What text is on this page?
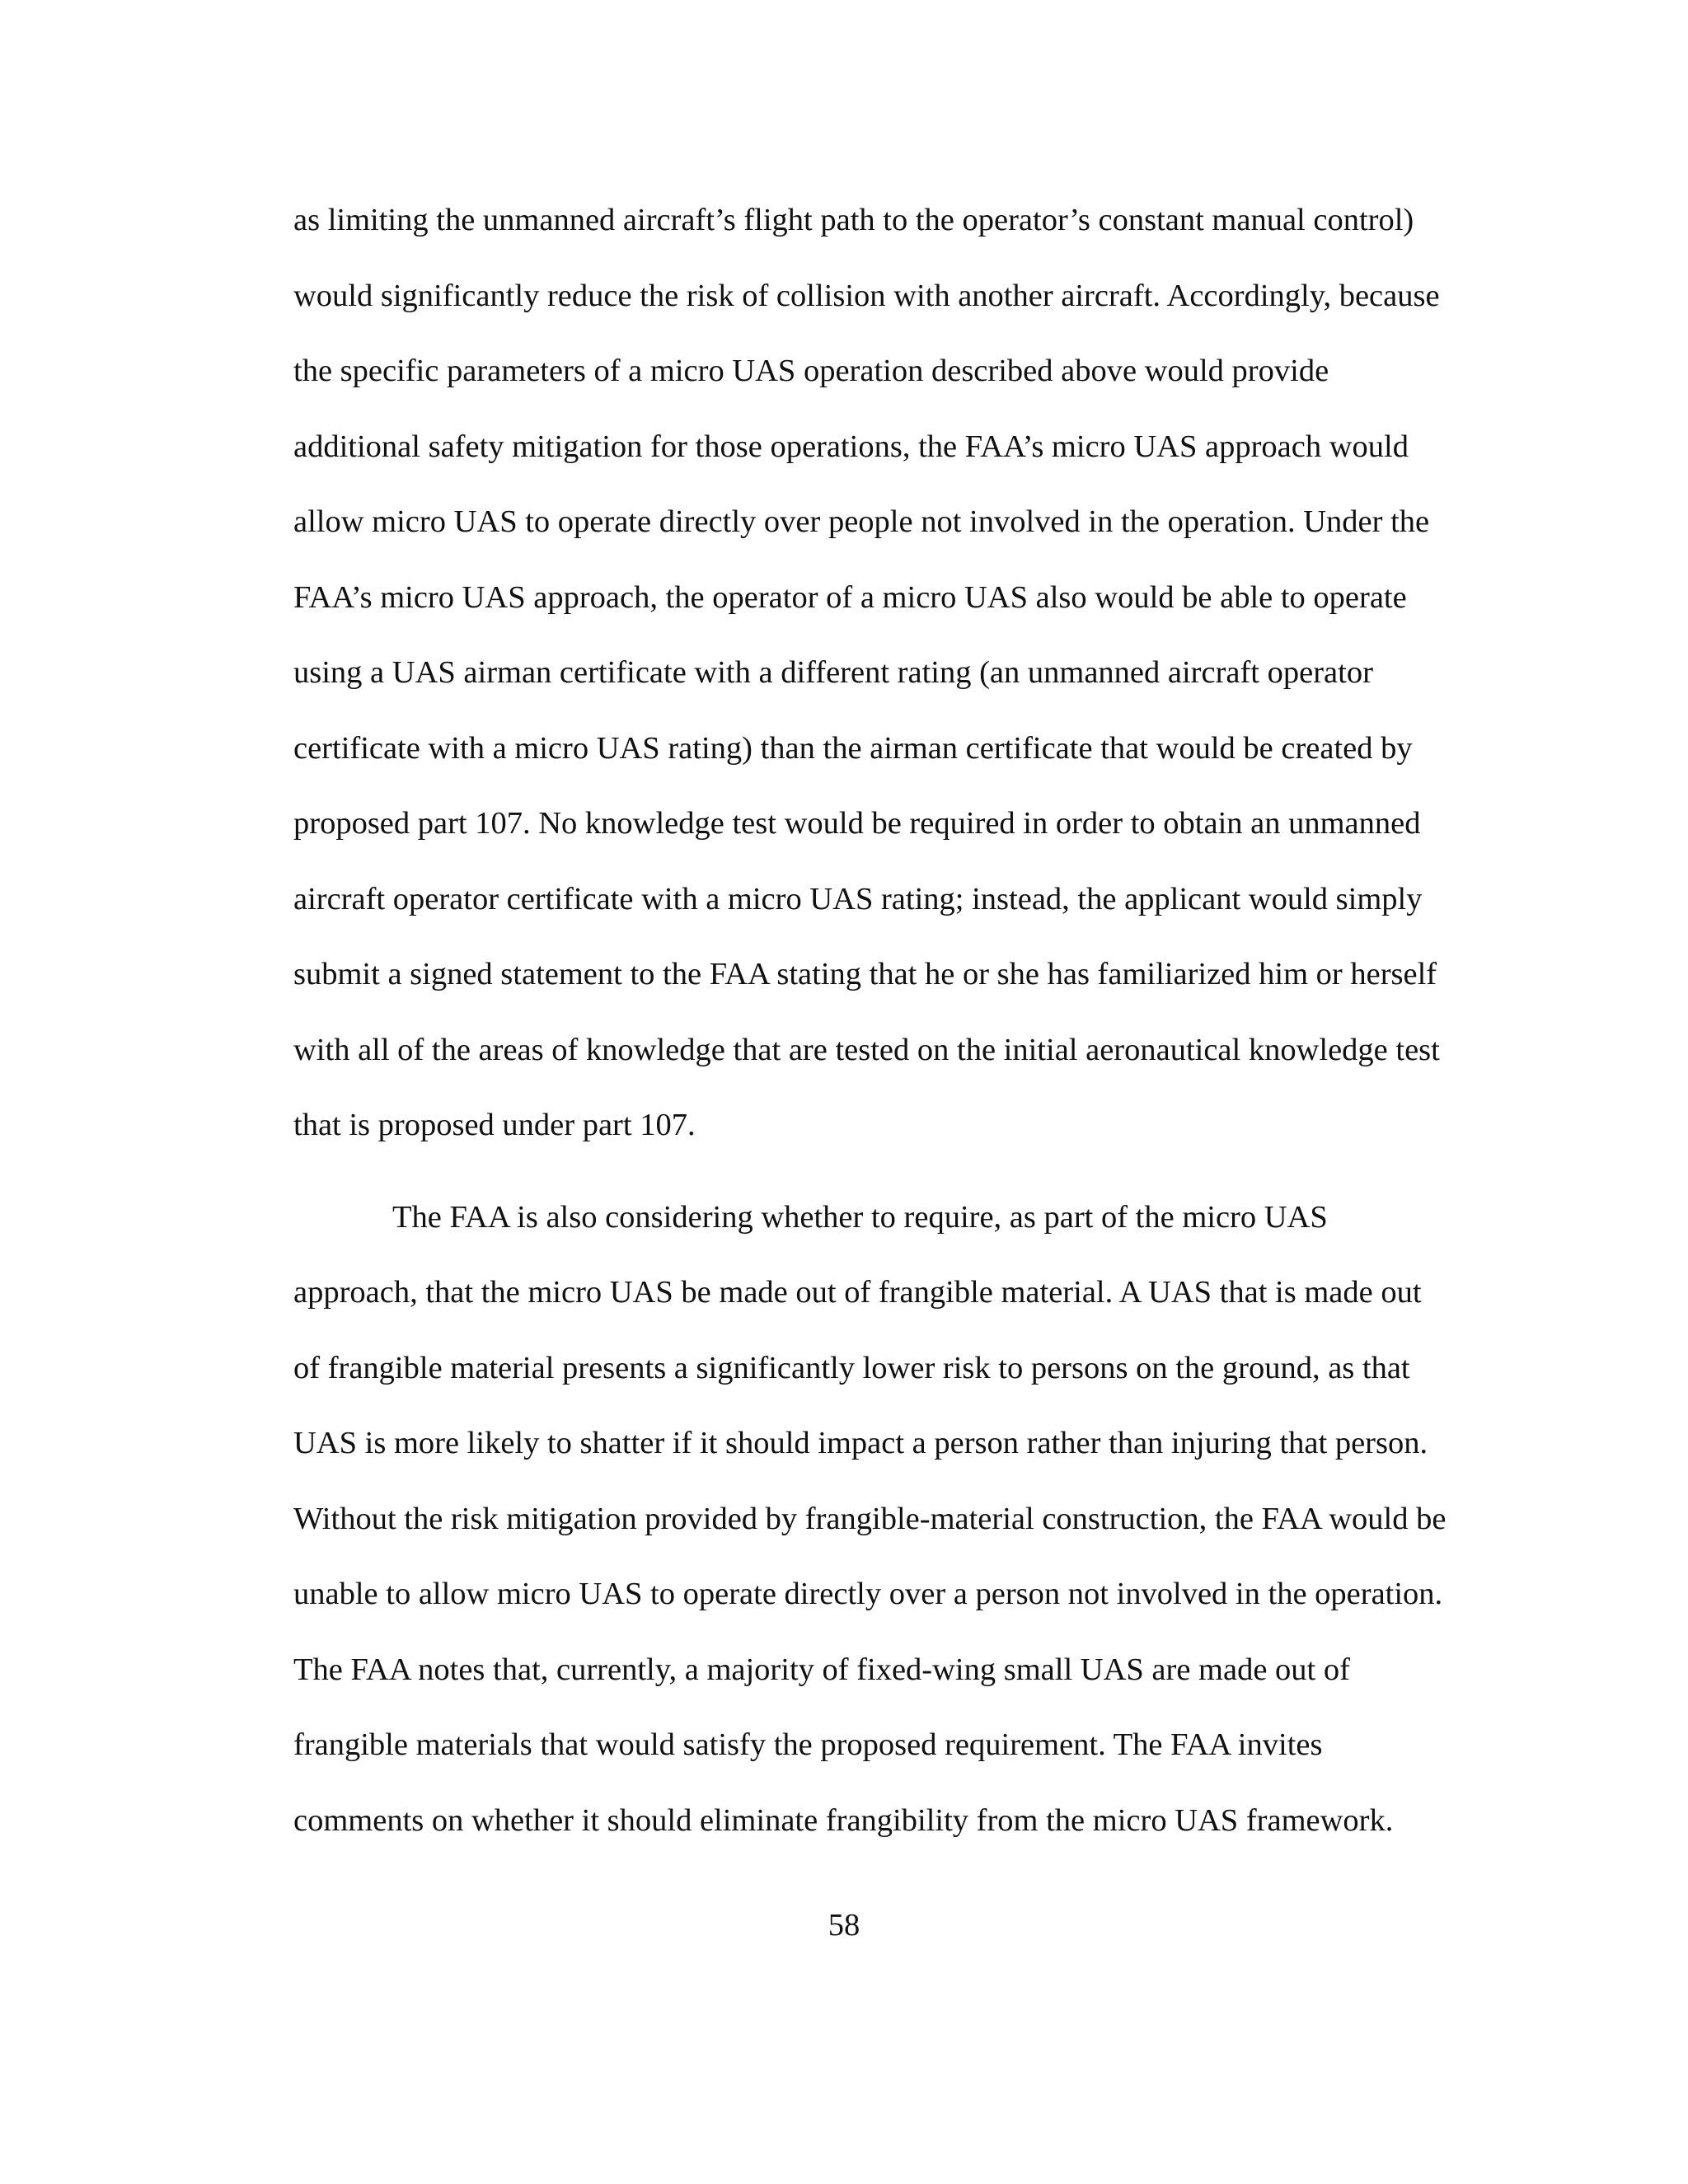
as limiting the unmanned aircraft’s flight path to the operator’s constant manual control)
would significantly reduce the risk of collision with another aircraft. Accordingly, because
the specific parameters of a micro UAS operation described above would provide
additional safety mitigation for those operations, the FAA’s micro UAS approach would
allow micro UAS to operate directly over people not involved in the operation. Under the
FAA’s micro UAS approach, the operator of a micro UAS also would be able to operate
using a UAS airman certificate with a different rating (an unmanned aircraft operator
certificate with a micro UAS rating) than the airman certificate that would be created by
proposed part 107. No knowledge test would be required in order to obtain an unmanned
aircraft operator certificate with a micro UAS rating; instead, the applicant would simply
submit a signed statement to the FAA stating that he or she has familiarized him or herself
with all of the areas of knowledge that are tested on the initial aeronautical knowledge test
that is proposed under part 107.
The FAA is also considering whether to require, as part of the micro UAS
approach, that the micro UAS be made out of frangible material. A UAS that is made out
of frangible material presents a significantly lower risk to persons on the ground, as that
UAS is more likely to shatter if it should impact a person rather than injuring that person.
Without the risk mitigation provided by frangible-material construction, the FAA would be
unable to allow micro UAS to operate directly over a person not involved in the operation.
The FAA notes that, currently, a majority of fixed-wing small UAS are made out of
frangible materials that would satisfy the proposed requirement. The FAA invites
comments on whether it should eliminate frangibility from the micro UAS framework.
58
